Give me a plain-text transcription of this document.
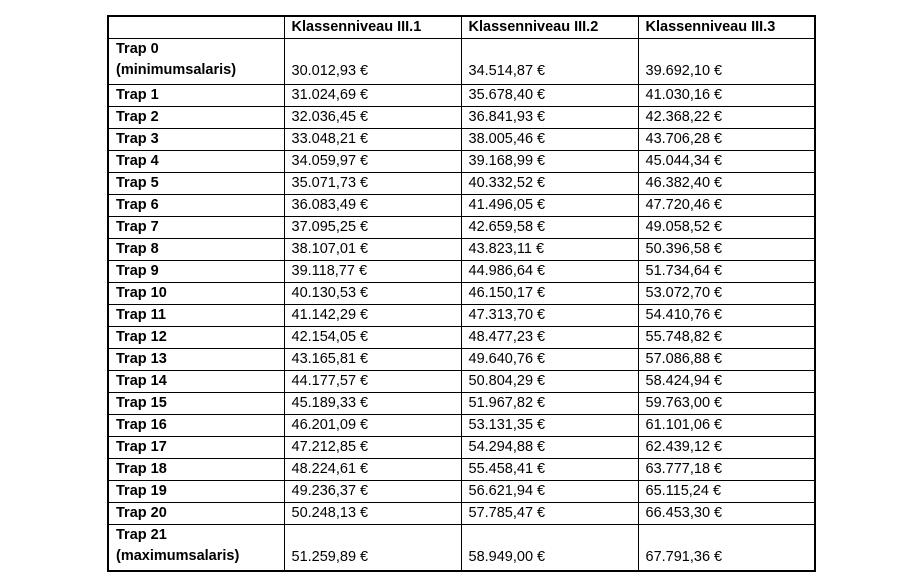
	Klassenniveau III.1	Klassenniveau III.2	Klassenniveau III.3

Trap 0
(minimumsalaris)	30.012,93 €	34.514,87 €	39.692,10 €
Trap 1	31.024,69 €	35.678,40 €	41.030,16 €
Trap 2	32.036,45 €	36.841,93 €	42.368,22 €
Trap 3	33.048,21 €	38.005,46 €	43.706,28 €
Trap 4	34.059,97 €	39.168,99 €	45.044,34 €
Trap 5	35.071,73 €	40.332,52 €	46.382,40 €
Trap 6	36.083,49 €	41.496,05 €	47.720,46 €
Trap 7	37.095,25 €	42.659,58 €	49.058,52 €
Trap 8	38.107,01 €	43.823,11 €	50.396,58 €
Trap 9	39.118,77 €	44.986,64 €	51.734,64 €
Trap 10	40.130,53 €	46.150,17 €	53.072,70 €
Trap 11	41.142,29 €	47.313,70 €	54.410,76 €
Trap 12	42.154,05 €	48.477,23 €	55.748,82 €
Trap 13	43.165,81 €	49.640,76 €	57.086,88 €
Trap 14	44.177,57 €	50.804,29 €	58.424,94 €
Trap 15	45.189,33 €	51.967,82 €	59.763,00 €
Trap 16	46.201,09 €	53.131,35 €	61.101,06 €
Trap 17	47.212,85 €	54.294,88 €	62.439,12 €
Trap 18	48.224,61 €	55.458,41 €	63.777,18 €
Trap 19	49.236,37 €	56.621,94 €	65.115,24 €
Trap 20	50.248,13 €	57.785,47 €	66.453,30 €

Trap 21
(maximumsalaris)	51.259,89 €	58.949,00 €	67.791,36 €
